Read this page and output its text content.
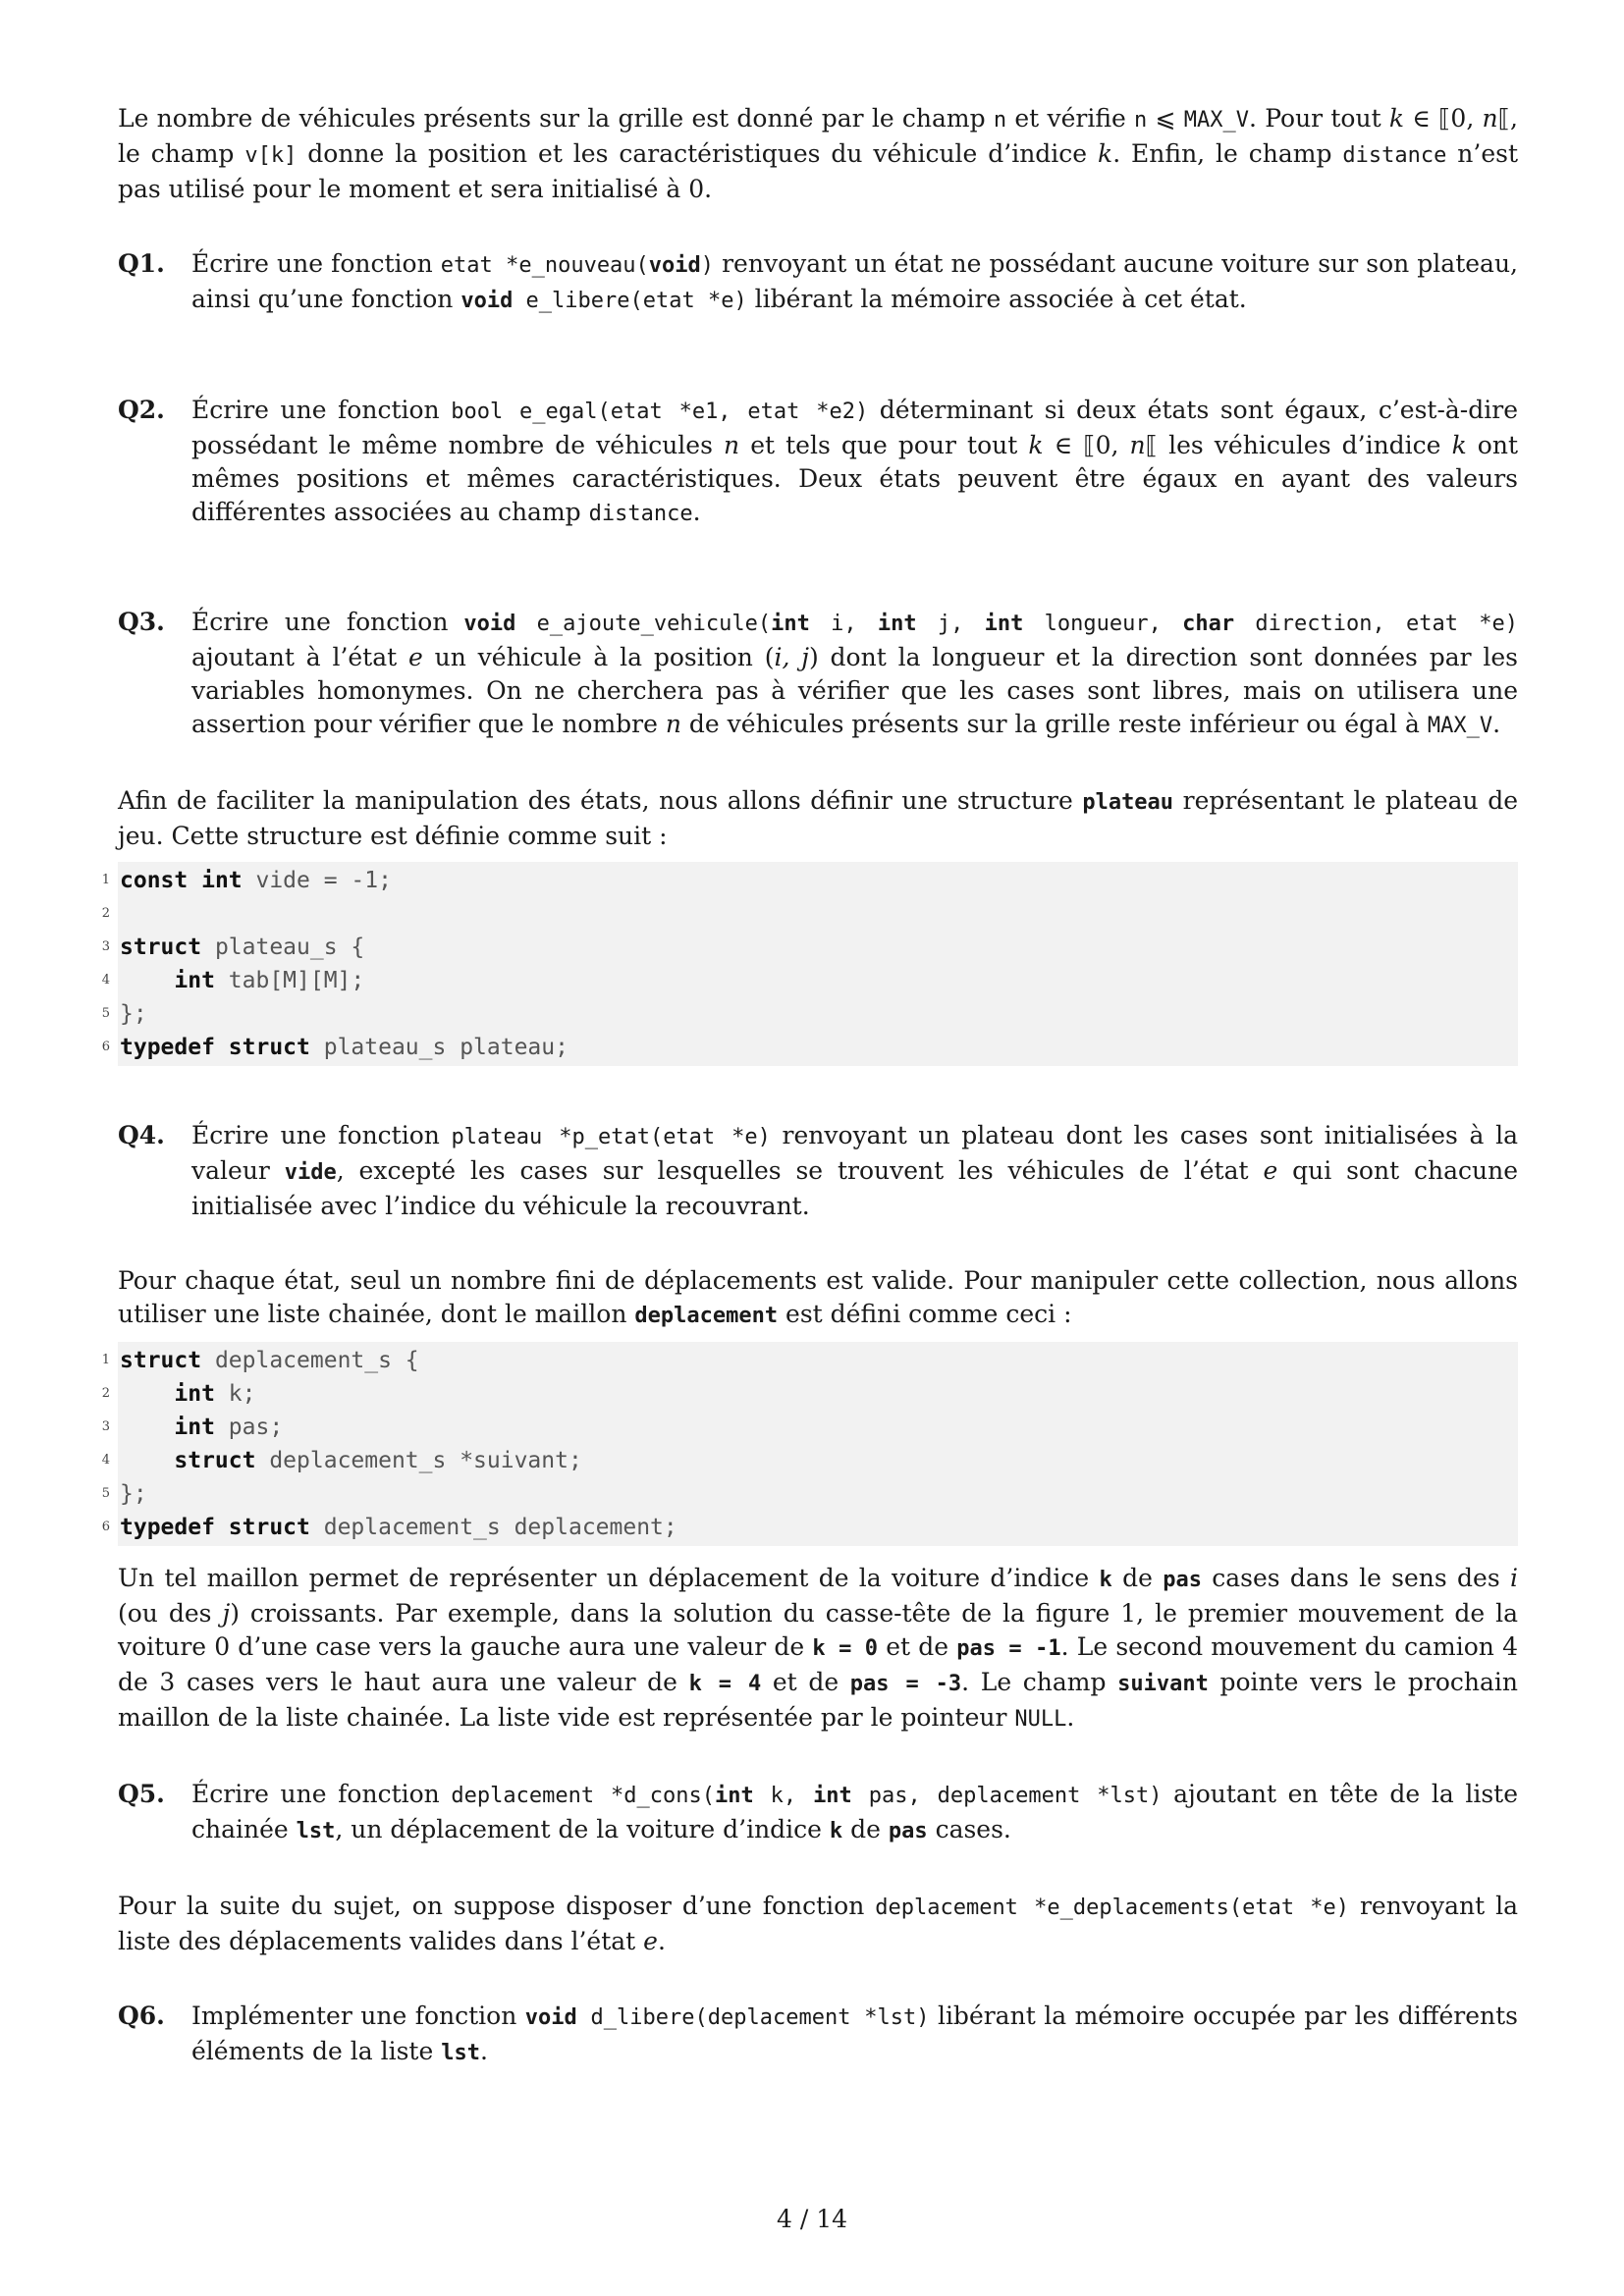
Le nombre de véhicules présents sur la grille est donné par le champ n et vérifie n ⩽ MAX_V. Pour tout k ∈ ⟦0, n⟦, le champ v[k] donne la position et les caractéristiques du véhicule d’indice k. Enfin, le champ distance n’est pas utilisé pour le moment et sera initialisé à 0.

Q1.	Écrire une fonction etat *e_nouveau(void) renvoyant un état ne possédant aucune voiture sur son plateau, ainsi qu’une fonction void e_libere(etat *e) libérant la mémoire associée à cet état.
Q2.	Écrire une fonction bool e_egal(etat *e1, etat *e2) déterminant si deux états sont égaux, c’est-à-dire possédant le même nombre de véhicules n et tels que pour tout k ∈ ⟦0, n⟦ les véhicules d’indice k ont mêmes positions et mêmes caractéristiques. Deux états peuvent être égaux en ayant des valeurs différentes associées au champ distance.
Q3.	Écrire une fonction void e_ajoute_vehicule(int i, int j, int longueur, char direction, etat *e) ajoutant à l’état e un véhicule à la position (i, j) dont la longueur et la direction sont données par les variables homonymes. On ne cherchera pas à vérifier que les cases sont libres, mais on utilisera une assertion pour vérifier que le nombre n de véhicules présents sur la grille reste inférieur ou égal à MAX_V.

Afin de faciliter la manipulation des états, nous allons définir une structure plateau représentant le plateau de jeu. Cette structure est définie comme suit :

1 const int vide = -1;
2
3 struct plateau_s {
4	int tab[M][M];
5 };
6 typedef struct plateau_s plateau;
Q4.	Écrire une fonction plateau *p_etat(etat *e) renvoyant un plateau dont les cases sont initialisées à la valeur vide, excepté les cases sur lesquelles se trouvent les véhicules de l’état e qui sont chacune initialisée avec l’indice du véhicule la recouvrant.

Pour chaque état, seul un nombre fini de déplacements est valide. Pour manipuler cette collection, nous allons utiliser une liste chainée, dont le maillon deplacement est défini comme ceci :

1 struct deplacement_s {
2	int k;
3	int pas;
4	struct deplacement_s *suivant;
5 };
6 typedef struct deplacement_s deplacement;

Un tel maillon permet de représenter un déplacement de la voiture d’indice k de pas cases dans le sens des i (ou des j) croissants. Par exemple, dans la solution du casse-tête de la figure 1, le premier mouvement de la voiture 0 d’une case vers la gauche aura une valeur de k = 0 et de pas = -1. Le second mouvement du camion 4 de 3 cases vers le haut aura une valeur de k = 4 et de pas = -3. Le champ suivant pointe vers le prochain maillon de la liste chainée. La liste vide est représentée par le pointeur NULL.

Q5.	Écrire une fonction deplacement *d_cons(int k, int pas, deplacement *lst) ajoutant en tête de la liste chainée lst, un déplacement de la voiture d’indice k de pas cases.

Pour la suite du sujet, on suppose disposer d’une fonction deplacement *e_deplacements(etat *e) renvoyant la liste des déplacements valides dans l’état e.

Q6.	Implémenter une fonction void d_libere(deplacement *lst) libérant la mémoire occupée par les différents éléments de la liste lst.
4 / 14
